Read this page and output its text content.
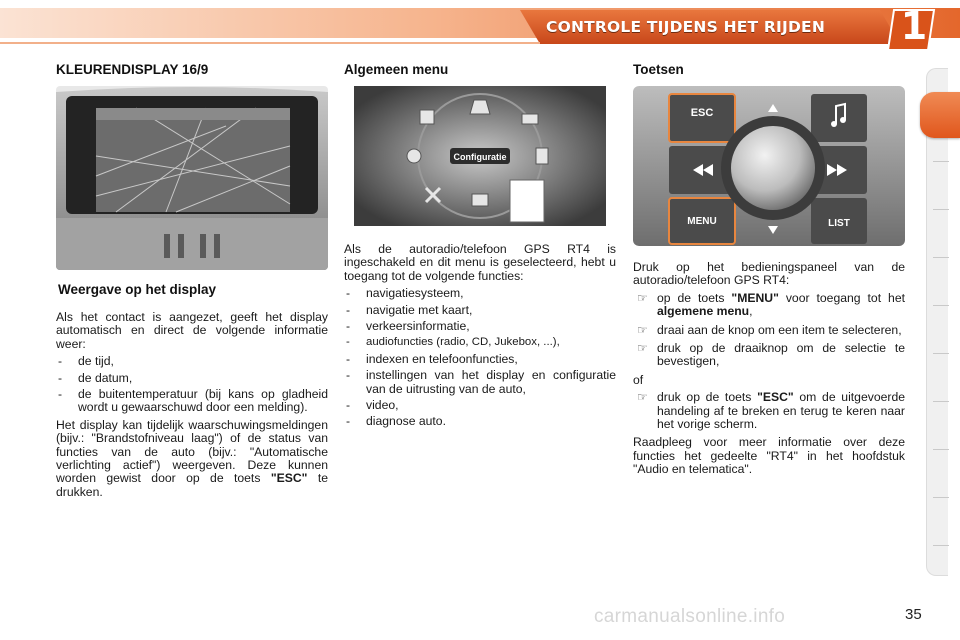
CONTROLE TIJDENS HET RIJDEN 1
KLEURENDISPLAY 16/9
Weergave op het display

Als het contact is aangezet, geeft het display automatisch en direct de volgende informatie weer:

- de tijd,
- de datum,
- de buitentemperatuur (bij kans op gladheid wordt u gewaarschuwd door een melding).

Het display kan tijdelijk waarschuwingsmeldingen (bijv.: "Brandstofniveau laag") of de status van functies van de auto (bijv.: "Automatische verlichting actief") weergeven. Deze kunnen worden gewist door op de toets "ESC" te drukken.

Algemeen menu
Configuratie

Als de autoradio/telefoon GPS RT4 is ingeschakeld en dit menu is geselecteerd, hebt u toegang tot de volgende functies:

- navigatiesysteem,
- navigatie met kaart,
- verkeersinformatie,
- audiofuncties (radio, CD, Jukebox, ...),
- indexen en telefoonfuncties,
- instellingen van het display en configuratie van de uitrusting van de auto,
- video,
- diagnose auto.
Toetsen
ESC
MENU	LIST

Druk op het bedieningspaneel van de autoradio/telefoon GPS RT4:

☞ op de toets "MENU" voor toegang tot het algemene menu,
☞ draai aan de knop om een item te selecteren,
☞ druk op de draaiknop om de selectie te bevestigen,

of

☞ druk op de toets "ESC" om de uitgevoerde handeling af te breken en terug te keren naar het vorige scherm.

Raadpleeg voor meer informatie over deze functies het gedeelte "RT4" in het hoofdstuk "Audio en telematica".

carmanualsonline.info	35
